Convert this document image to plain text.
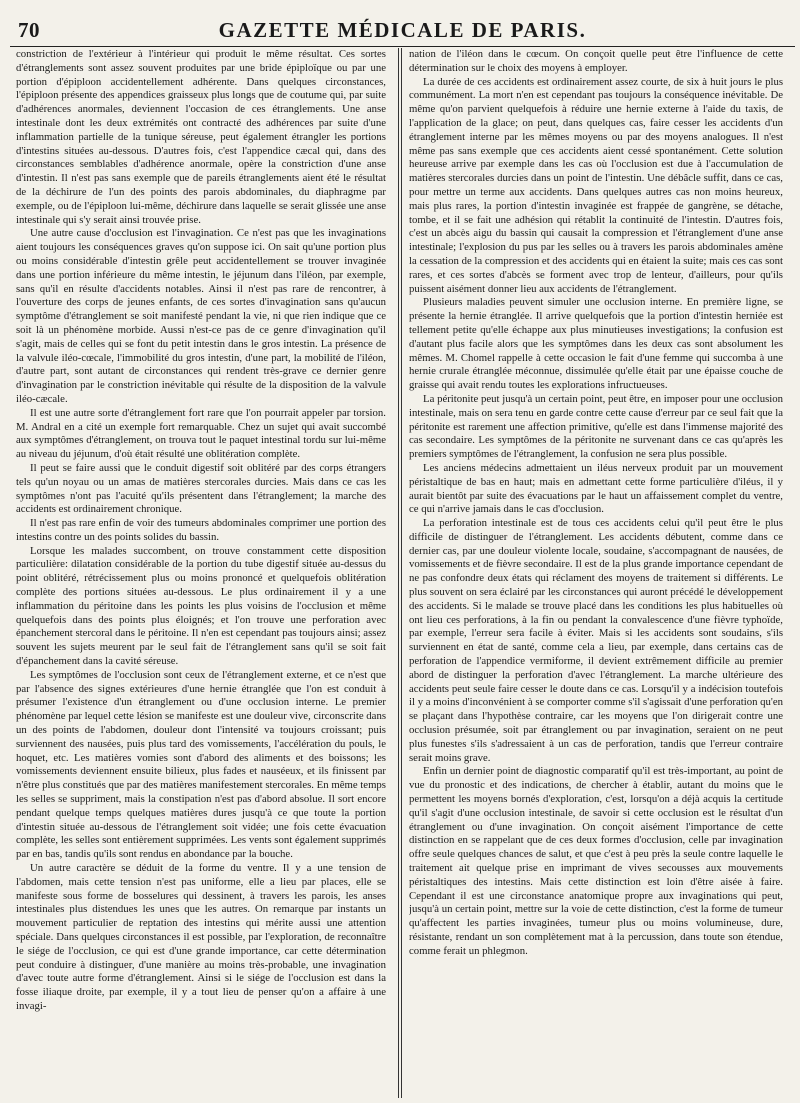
70	GAZETTE MÉDICALE DE PARIS.

constriction de l'extérieur à l'intérieur qui produit le même résultat. Ces sortes d'étranglements sont assez souvent produites par une bride épiploïque ou par une portion d'épiploon accidentellement adhérente. Dans quelques circonstances, l'épiploon présente des appendices graisseux plus longs que de coutume qui, par suite d'adhérences anormales, deviennent l'occasion de ces étranglements. Une anse intestinale dont les deux extrémités ont contracté des adhérences par suite d'une inflammation partielle de la tunique séreuse, peut également étrangler les portions d'intestins situées au-dessous. D'autres fois, c'est l'appendice cæcal qui, dans des circonstances semblables d'adhérence anormale, opère la constriction d'une anse d'intestin. Il n'est pas sans exemple que de pareils étranglements aient été le résultat de la déchirure de l'un des points des parois abdominales, du diaphragme par exemple, ou de l'épiploon lui-même, déchirure dans laquelle se serait glissée une anse intestinale qui s'y serait ainsi trouvée prise.

Une autre cause d'occlusion est l'invagination. Ce n'est pas que les invaginations aient toujours les conséquences graves qu'on suppose ici. On sait qu'une portion plus ou moins considérable d'intestin grêle peut accidentellement se trouver invaginée dans une portion inférieure du même intestin, le jéjunum dans l'iléon, par exemple, sans qu'il en résulte d'accidents notables. Ainsi il n'est pas rare de rencontrer, à l'ouverture des corps de jeunes enfants, de ces sortes d'invagination sans qu'aucun symptôme d'étranglement se soit manifesté pendant la vie, ni que rien indique que ce soit là un phénomène morbide. Aussi n'est-ce pas de ce genre d'invagination qu'il s'agit, mais de celles qui se font du petit intestin dans le gros intestin. La présence de la valvule iléo-cœcale, l'immobilité du gros intestin, d'une part, la mobilité de l'iléon, d'autre part, sont autant de circonstances qui rendent très-grave ce dernier genre d'invagination par le constriction inévitable qui résulte de la disposition de la valvule iléo-cæcale.

Il est une autre sorte d'étranglement fort rare que l'on pourrait appeler par torsion. M. Andral en a cité un exemple fort remarquable. Chez un sujet qui avait succombé aux symptômes d'étranglement, on trouva tout le paquet intestinal tordu sur lui-même au niveau du jéjunum, d'où était résulté une oblitération complète.

Il peut se faire aussi que le conduit digestif soit oblitéré par des corps étrangers tels qu'un noyau ou un amas de matières stercorales durcies. Mais dans ce cas les symptômes n'ont pas l'acuité qu'ils présentent dans l'étranglement; la marche des accidents est ordinairement chronique.

Il n'est pas rare enfin de voir des tumeurs abdominales comprimer une portion des intestins contre un des points solides du bassin.

Lorsque les malades succombent, on trouve constamment cette disposition particulière: dilatation considérable de la portion du tube digestif située au-dessus du point oblitéré, rétrécissement plus ou moins prononcé et quelquefois oblitération complète des portions situées au-dessous. Le plus ordinairement il y a une inflammation du péritoine dans les points les plus voisins de l'occlusion et même quelquefois dans des points plus éloignés; et l'on trouve une perforation avec épanchement stercoral dans le péritoine. Il n'en est cependant pas toujours ainsi; assez souvent les sujets meurent par le seul fait de l'étranglement sans qu'il se soit fait d'épanchement dans la cavité séreuse.

Les symptômes de l'occlusion sont ceux de l'étranglement externe, et ce n'est que par l'absence des signes extérieures d'une hernie étranglée que l'on est conduit à présumer l'existence d'un étranglement ou d'une occlusion interne. Le premier phénomène par lequel cette lésion se manifeste est une douleur vive, circonscrite dans un des points de l'abdomen, douleur dont l'intensité va toujours croissant; puis surviennent des nausées, puis plus tard des vomissements, l'accélération du pouls, le hoquet, etc. Les matières vomies sont d'abord des aliments et des boissons; les vomissements deviennent ensuite bilieux, plus fades et nauséeux, et ils finissent par n'être plus constitués que par des matières manifestement stercorales. En même temps les selles se suppriment, mais la constipation n'est pas d'abord absolue. Il sort encore pendant quelque temps quelques matières dures jusqu'à ce que toute la portion d'intestin située au-dessous de l'étranglement soit vidée; une fois cette évacuation complète, les selles sont entièrement supprimées. Les vents sont également supprimés par en bas, tandis qu'ils sont rendus en abondance par la bouche.

Un autre caractère se déduit de la forme du ventre. Il y a une tension de l'abdomen, mais cette tension n'est pas uniforme, elle a lieu par places, elle se manifeste sous forme de bosselures qui dessinent, à travers les parois, les anses intestinales plus distendues les unes que les autres. On remarque par instants un mouvement particulier de reptation des intestins qui mérite aussi une attention spéciale. Dans quelques circonstances il est possible, par l'exploration, de reconnaître le siége de l'occlusion, ce qui est d'une grande importance, car cette détermination peut conduire à distinguer, d'une manière au moins très-probable, une invagination d'avec toute autre forme d'étranglement. Ainsi si le siége de l'occlusion est dans la fosse iliaque droite, par exemple, il y a tout lieu de penser qu'on a affaire à une invagi-

nation de l'iléon dans le cœcum. On conçoit quelle peut être l'influence de cette détermination sur le choix des moyens à employer.

La durée de ces accidents est ordinairement assez courte, de six à huit jours le plus communément. La mort n'en est cependant pas toujours la conséquence inévitable. De même qu'on parvient quelquefois à réduire une hernie externe à l'aide du taxis, de l'application de la glace; on peut, dans quelques cas, faire cesser les accidents d'un étranglement interne par les mêmes moyens ou par des moyens analogues. Il n'est même pas sans exemple que ces accidents aient cessé spontanément. Cette solution heureuse arrive par exemple dans les cas où l'occlusion est due à l'accumulation de matières stercorales durcies dans un point de l'intestin. Une débâcle suffit, dans ce cas, pour mettre un terme aux accidents. Dans quelques autres cas non moins heureux, mais plus rares, la portion d'intestin invaginée est frappée de gangrène, se détache, tombe, et il se fait une adhésion qui rétablit la continuité de l'intestin. D'autres fois, c'est un abcès aigu du bassin qui causait la compression et l'étranglement d'une anse intestinale; l'explosion du pus par les selles ou à travers les parois abdominales amène la cessation de la compression et des accidents qui en étaient la suite; mais ces cas sont rares, et ces sortes d'abcès se forment avec trop de lenteur, d'ailleurs, pour qu'ils puissent aisément donner lieu aux accidents de l'étranglement.

Plusieurs maladies peuvent simuler une occlusion interne. En première ligne, se présente la hernie étranglée. Il arrive quelquefois que la portion d'intestin herniée est tellement petite qu'elle échappe aux plus minutieuses investigations; la confusion est d'autant plus facile alors que les symptômes dans les deux cas sont absolument les mêmes. M. Chomel rappelle à cette occasion le fait d'une femme qui succomba à une hernie crurale étranglée méconnue, dissimulée qu'elle était par une épaisse couche de graisse qui avait rendu toutes les explorations infructueuses.

La péritonite peut jusqu'à un certain point, peut être, en imposer pour une occlusion intestinale, mais on sera tenu en garde contre cette cause d'erreur par ce seul fait que la péritonite est rarement une affection primitive, qu'elle est dans l'immense majorité des cas secondaire. Les symptômes de la péritonite ne survenant dans ce cas qu'après les premiers symptômes de l'étranglement, la confusion ne sera plus possible.

Les anciens médecins admettaient un iléus nerveux produit par un mouvement péristaltique de bas en haut; mais en admettant cette forme particulière d'iléus, il y aurait bientôt par suite des évacuations par le haut un affaissement complet du ventre, ce qui n'arrive jamais dans le cas d'occlusion.

La perforation intestinale est de tous ces accidents celui qu'il peut être le plus difficile de distinguer de l'étranglement. Les accidents débutent, comme dans ce dernier cas, par une douleur violente locale, soudaine, s'accompagnant de nausées, de vomissements et de fièvre secondaire. Il est de la plus grande importance cependant de ne pas confondre deux états qui réclament des moyens de traitement si différents. Le plus souvent on sera éclairé par les circonstances qui auront précédé le développement des accidents. Si le malade se trouve placé dans les conditions les plus habituelles où ont lieu ces perforations, à la fin ou pendant la convalescence d'une fièvre typhoïde, par exemple, l'erreur sera facile à éviter. Mais si les accidents sont soudains, s'ils surviennent en état de santé, comme cela a lieu, par exemple, dans certains cas de perforation de l'appendice vermiforme, il devient extrêmement difficile au premier abord de distinguer la perforation d'avec l'étranglement. La marche ultérieure des accidents peut seule faire cesser le doute dans ce cas. Lorsqu'il y a indécision toutefois il y a moins d'inconvénient à se comporter comme s'il s'agissait d'une perforation qu'en se plaçant dans l'hypothèse contraire, car les moyens que l'on dirigerait contre une occlusion présumée, soit par étranglement ou par invagination, seraient on ne peut plus funestes s'ils s'adressaient à un cas de perforation, tandis que l'erreur contraire serait moins grave.

Enfin un dernier point de diagnostic comparatif qu'il est très-important, au point de vue du pronostic et des indications, de chercher à établir, autant du moins que le permettent les moyens bornés d'exploration, c'est, lorsqu'on a déjà acquis la certitude qu'il s'agit d'une occlusion intestinale, de savoir si cette occlusion est le résultat d'un étranglement ou d'une invagination. On conçoit aisément l'importance de cette distinction en se rappelant que de ces deux formes d'occlusion, celle par invagination offre seule quelques chances de salut, et que c'est à peu près la seule contre laquelle le traitement ait quelque prise en imprimant de vives secousses aux mouvements péristaltiques des intestins. Mais cette distinction est loin d'être aisée à faire. Cependant il est une circonstance anatomique propre aux invaginations qui peut, jusqu'à un certain point, mettre sur la voie de cette distinction, c'est la forme de tumeur qu'affectent les parties invaginées, tumeur plus ou moins volumineuse, dure, résistante, rendant un son complètement mat à la percussion, dans toute son étendue, comme ferait un phlegmon.
